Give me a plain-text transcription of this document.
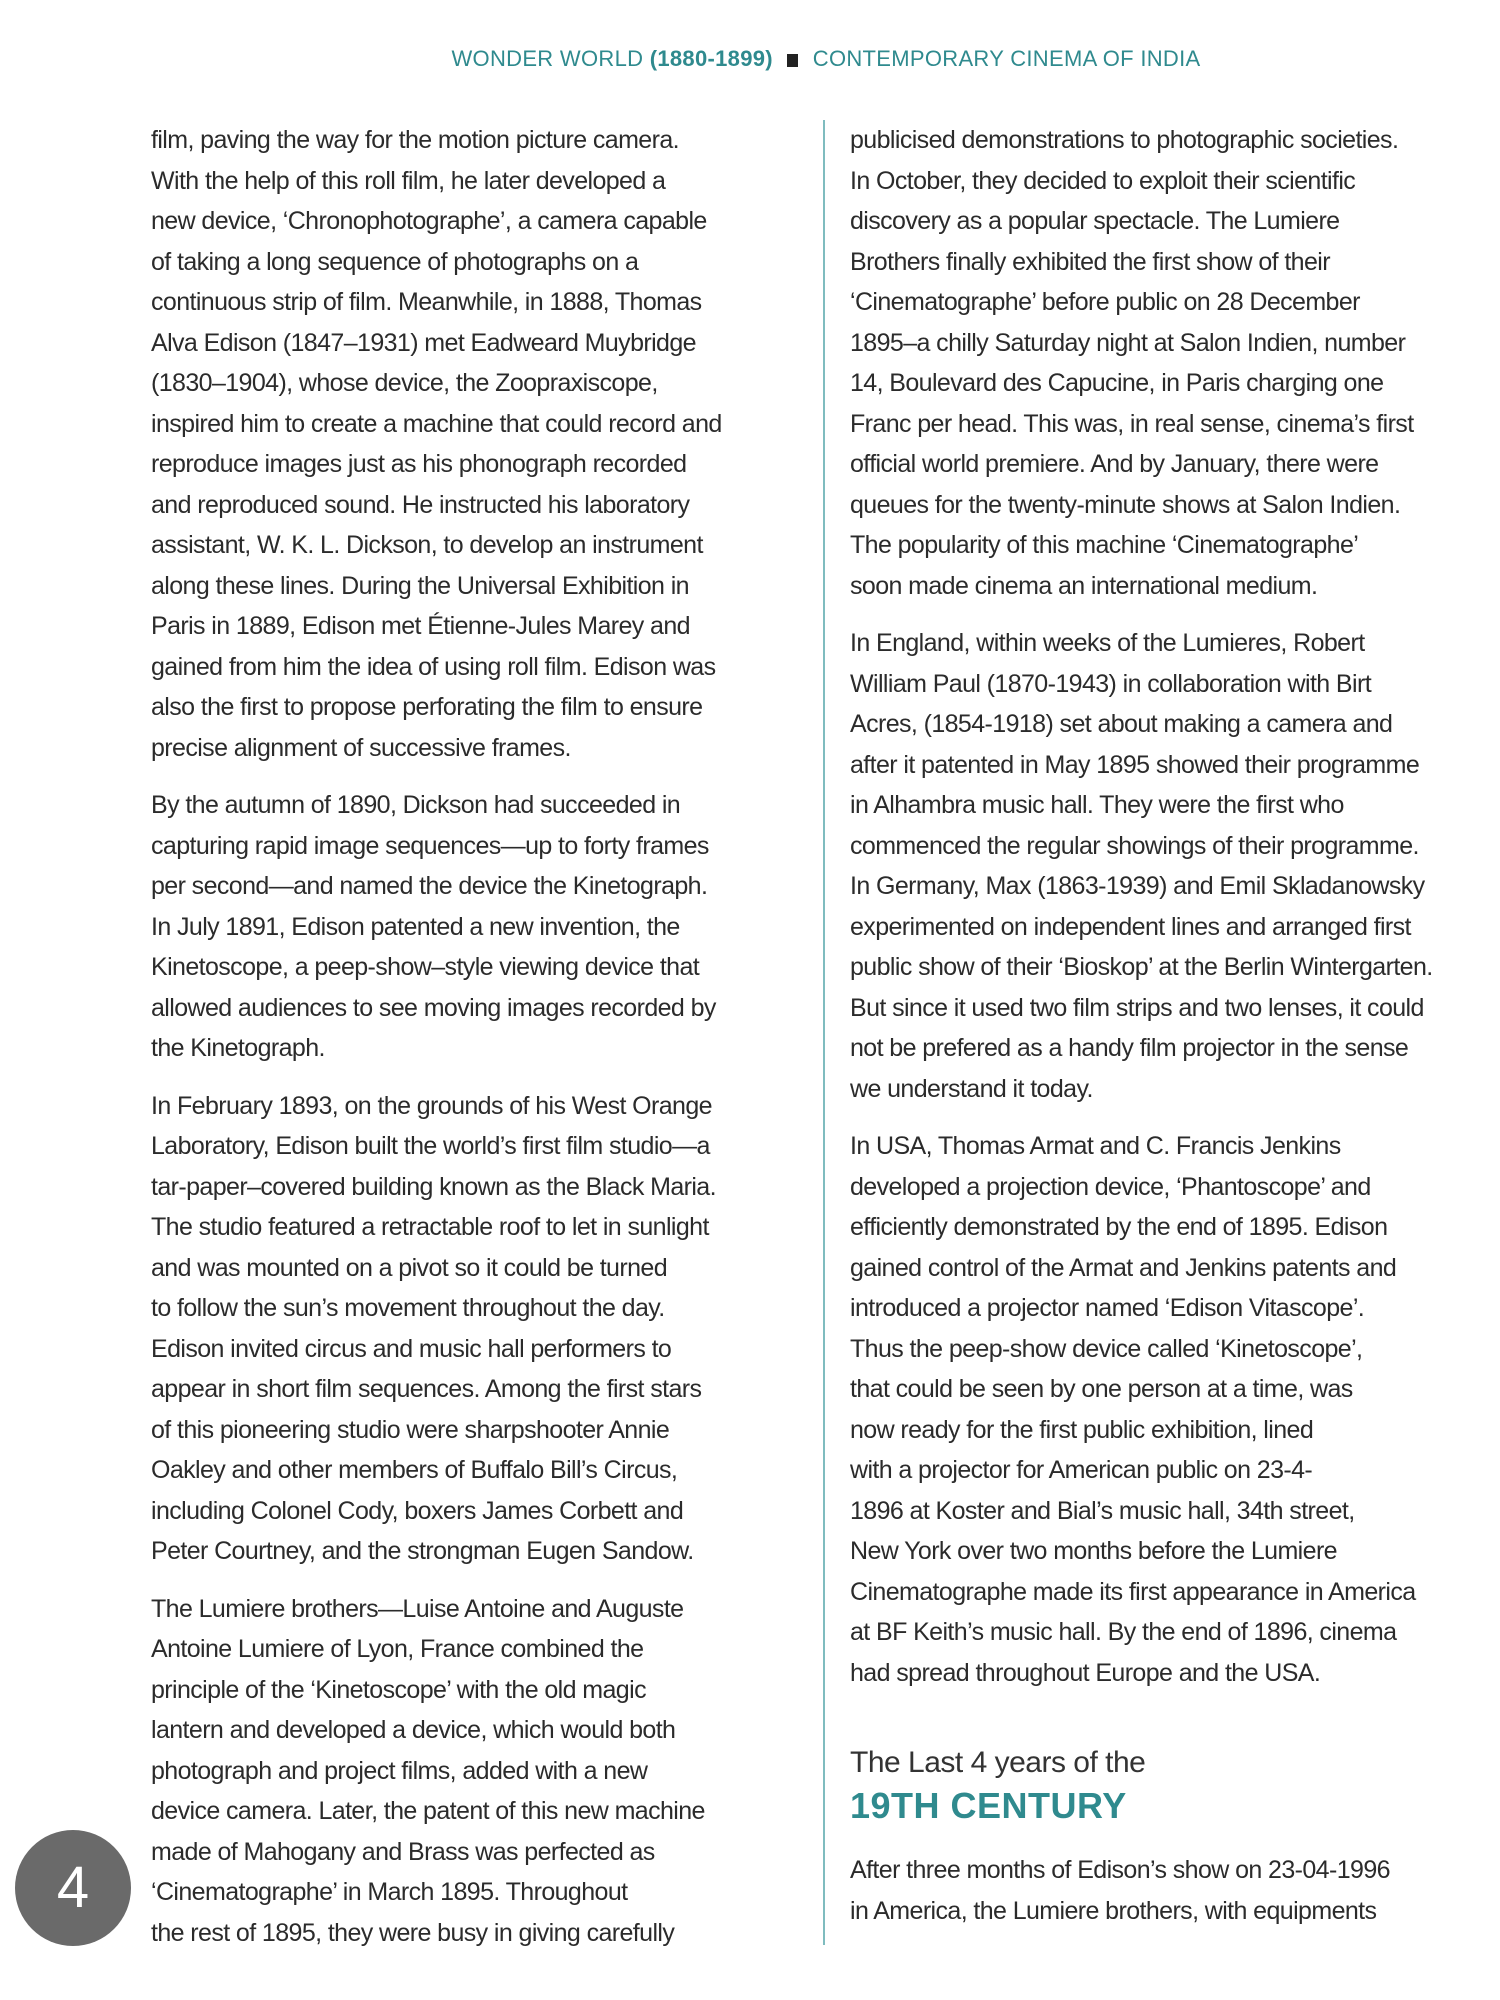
WONDER WORLD (1880-1899) CONTEMPORARY CINEMA OF INDIA
film, paving the way for the motion picture camera.
With the help of this roll film, he later developed a
new device, ‘Chronophotographe’, a camera capable
of taking a long sequence of photographs on a
continuous strip of film. Meanwhile, in 1888, Thomas
Alva Edison (1847–1931) met Eadweard Muybridge
(1830–1904), whose device, the Zoopraxiscope,
inspired him to create a machine that could record and
reproduce images just as his phonograph recorded
and reproduced sound. He instructed his laboratory
assistant, W. K. L. Dickson, to develop an instrument
along these lines. During the Universal Exhibition in
Paris in 1889, Edison met Étienne-Jules Marey and
gained from him the idea of using roll film. Edison was
also the first to propose perforating the film to ensure
precise alignment of successive frames.
By the autumn of 1890, Dickson had succeeded in
capturing rapid image sequences—up to forty frames
per second—and named the device the Kinetograph.
In July 1891, Edison patented a new invention, the
Kinetoscope, a peep-show–style viewing device that
allowed audiences to see moving images recorded by
the Kinetograph.
In February 1893, on the grounds of his West Orange
Laboratory, Edison built the world’s first film studio—a
tar-paper–covered building known as the Black Maria.
The studio featured a retractable roof to let in sunlight
and was mounted on a pivot so it could be turned
to follow the sun’s movement throughout the day.
Edison invited circus and music hall performers to
appear in short film sequences. Among the first stars
of this pioneering studio were sharpshooter Annie
Oakley and other members of Buffalo Bill’s Circus,
including Colonel Cody, boxers James Corbett and
Peter Courtney, and the strongman Eugen Sandow.
The Lumiere brothers—Luise Antoine and Auguste
Antoine Lumiere of Lyon, France combined the
principle of the ‘Kinetoscope’ with the old magic
lantern and developed a device, which would both
photograph and project films, added with a new
device camera. Later, the patent of this new machine
made of Mahogany and Brass was perfected as
‘Cinematographe’ in March 1895. Throughout
the rest of 1895, they were busy in giving carefully
publicised demonstrations to photographic societies.
In October, they decided to exploit their scientific
discovery as a popular spectacle. The Lumiere
Brothers finally exhibited the first show of their
‘Cinematographe’ before public on 28 December
1895–a chilly Saturday night at Salon Indien, number
14, Boulevard des Capucine, in Paris charging one
Franc per head. This was, in real sense, cinema’s first
official world premiere. And by January, there were
queues for the twenty-minute shows at Salon Indien.
The popularity of this machine ‘Cinematographe’
soon made cinema an international medium.
In England, within weeks of the Lumieres, Robert
William Paul (1870-1943) in collaboration with Birt
Acres, (1854-1918) set about making a camera and
after it patented in May 1895 showed their programme
in Alhambra music hall. They were the first who
commenced the regular showings of their programme.
In Germany, Max (1863-1939) and Emil Skladanowsky
experimented on independent lines and arranged first
public show of their ‘Bioskop’ at the Berlin Wintergarten.
But since it used two film strips and two lenses, it could
not be prefered as a handy film projector in the sense
we understand it today.
In USA, Thomas Armat and C. Francis Jenkins
developed a projection device, ‘Phantoscope’ and
efficiently demonstrated by the end of 1895. Edison
gained control of the Armat and Jenkins patents and
introduced a projector named ‘Edison Vitascope’.
Thus the peep-show device called ‘Kinetoscope’,
that could be seen by one person at a time, was
now ready for the first public exhibition, lined
with a projector for American public on 23-4-
1896 at Koster and Bial’s music hall, 34th street,
New York over two months before the Lumiere
Cinematographe made its first appearance in America
at BF Keith’s music hall. By the end of 1896, cinema
had spread throughout Europe and the USA.
The Last 4 years of the
19TH CENTURY
After three months of Edison’s show on 23-04-1996
in America, the Lumiere brothers, with equipments
4
